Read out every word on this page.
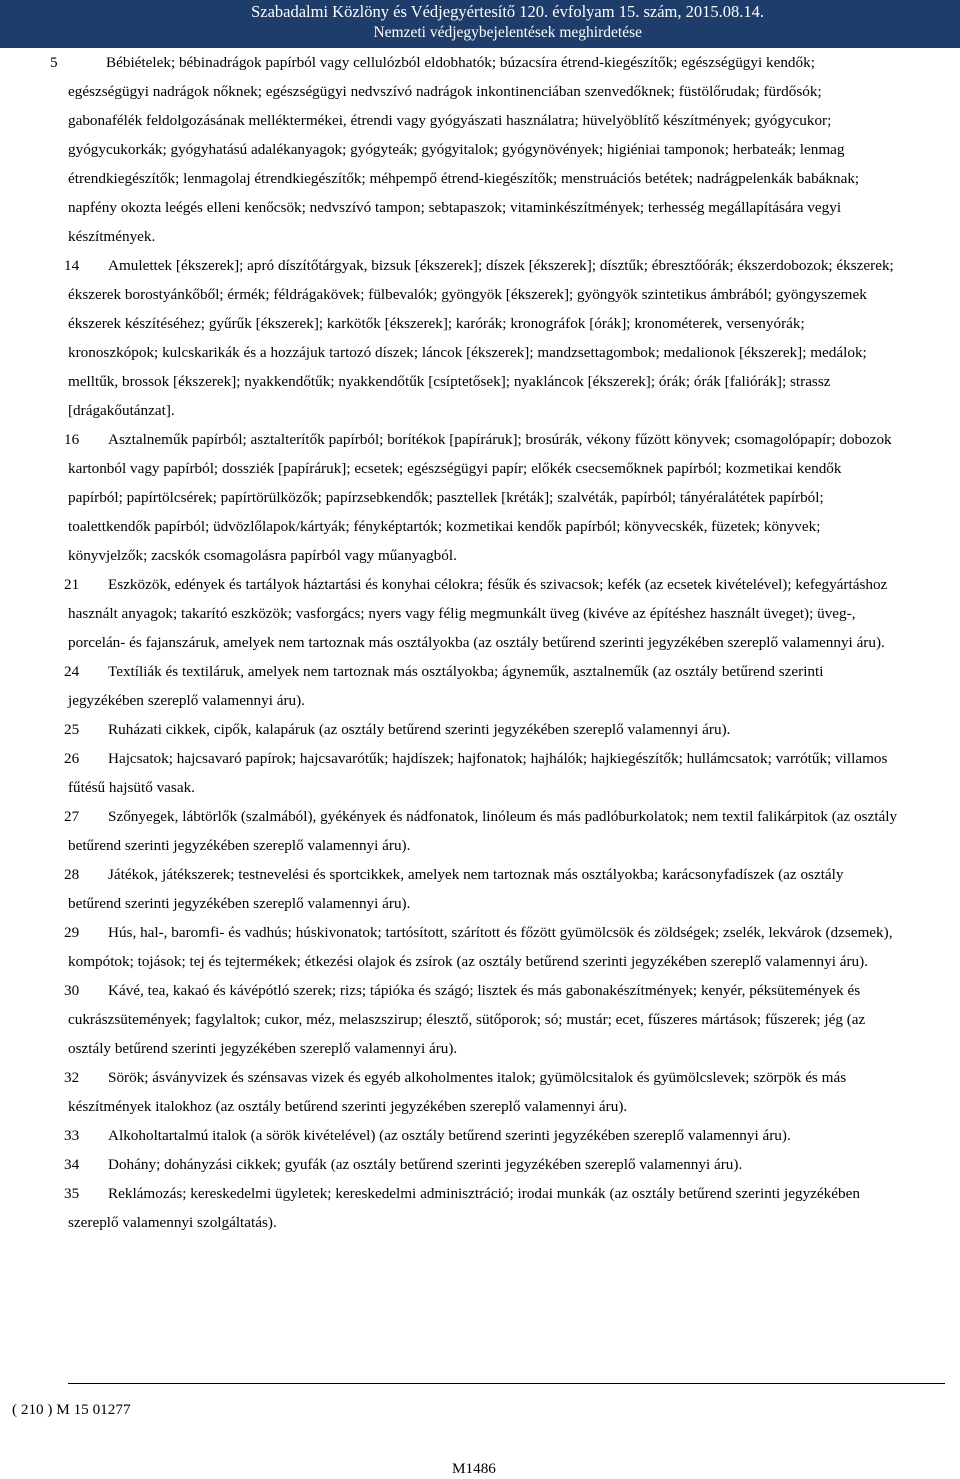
Szabadalmi Közlöny és Védjegyértesítő 120. évfolyam 15. szám, 2015.08.14.
Nemzeti védjegybejelentések meghirdetése

5	Bébiételek; bébinadrágok papírból vagy cellulózból eldobhatók; búzacsíra étrend-kiegészítők; egészségügyi kendők; egészségügyi nadrágok nőknek; egészségügyi nedvszívó nadrágok inkontinenciában szenvedőknek; füstölőrudak; fürdősók; gabonafélék feldolgozásának melléktermékei, étrendi vagy gyógyászati használatra; hüvelyöblítő készítmények; gyógycukor; gyógycukorkák; gyógyhatású adalékanyagok; gyógyteák; gyógyitalok; gyógynövények; higiéniai tamponok; herbateák; lenmag étrendkiegészítők; lenmagolaj étrendkiegészítők; méhpempő étrend-kiegészítők; menstruációs betétek; nadrágpelenkák babáknak; napfény okozta leégés elleni kenőcsök; nedvszívó tampon; sebtapaszok; vitaminkészítmények; terhesség megállapítására vegyi készítmények.

14 Amulettek [ékszerek]; apró díszítőtárgyak, bizsuk [ékszerek]; díszek [ékszerek]; dísztűk; ébresztőórák; ékszerdobozok; ékszerek; ékszerek borostyánkőből; érmék; féldrágakövek; fülbevalók; gyöngyök [ékszerek]; gyöngyök szintetikus ámbrából; gyöngyszemek ékszerek készítéséhez; gyűrűk [ékszerek]; karkötők [ékszerek]; karórák; kronográfok [órák]; kronométerek, versenyórák; kronoszkópok; kulcskarikák és a hozzájuk tartozó díszek; láncok [ékszerek]; mandzsettagombok; medalionok [ékszerek]; medálok; melltűk, brossok [ékszerek]; nyakkendőtűk; nyakkendőtűk [csíptetősek]; nyakláncok [ékszerek]; órák; órák [faliórák]; strassz [drágakőutánzat].

16 Asztalneműk papírból; asztalterítők papírból; borítékok [papíráruk]; brosúrák, vékony fűzött könyvek; csomagolópapír; dobozok kartonból vagy papírból; dossziék [papíráruk]; ecsetek; egészségügyi papír; előkék csecsemőknek papírból; kozmetikai kendők papírból; papírtölcsérek; papírtörülközők; papírzsebkendők; pasztellek [kréták]; szalvéták, papírból; tányéralátétek papírból; toalettkendők papírból; üdvözlőlapok/kártyák; fényképtartók; kozmetikai kendők papírból; könyvecskék, füzetek; könyvek; könyvjelzők; zacskók csomagolásra papírból vagy műanyagból.

21 Eszközök, edények és tartályok háztartási és konyhai célokra; fésűk és szivacsok; kefék (az ecsetek kivételével); kefegyártáshoz használt anyagok; takarító eszközök; vasforgács; nyers vagy félig megmunkált üveg (kivéve az építéshez használt üveget); üveg-, porcelán- és fajanszáruk, amelyek nem tartoznak más osztályokba (az osztály betűrend szerinti jegyzékében szereplő valamennyi áru).

24 Textíliák és textiláruk, amelyek nem tartoznak más osztályokba; ágyneműk, asztalneműk (az osztály betűrend szerinti jegyzékében szereplő valamennyi áru).

25 Ruházati cikkek, cipők, kalapáruk (az osztály betűrend szerinti jegyzékében szereplő valamennyi áru).

26 Hajcsatok; hajcsavaró papírok; hajcsavarótűk; hajdíszek; hajfonatok; hajhálók; hajkiegészítők; hullámcsatok; varrótűk; villamos fűtésű hajsütő vasak.

27 Szőnyegek, lábtörlők (szalmából), gyékények és nádfonatok, linóleum és más padlóburkolatok; nem textil falikárpitok (az osztály betűrend szerinti jegyzékében szereplő valamennyi áru).

28 Játékok, játékszerek; testnevelési és sportcikkek, amelyek nem tartoznak más osztályokba; karácsonyfadíszek (az osztály betűrend szerinti jegyzékében szereplő valamennyi áru).

29 Hús, hal-, baromfi- és vadhús; húskivonatok; tartósított, szárított és főzött gyümölcsök és zöldségek; zselék, lekvárok (dzsemek), kompótok; tojások; tej és tejtermékek; étkezési olajok és zsírok (az osztály betűrend szerinti jegyzékében szereplő valamennyi áru).

30 Kávé, tea, kakaó és kávépótló szerek; rizs; tápióka és szágó; lisztek és más gabonakészítmények; kenyér, péksütemények és cukrászsütemények; fagylaltok; cukor, méz, melaszszirup; élesztő, sütőporok; só; mustár; ecet, fűszeres mártások; fűszerek; jég (az osztály betűrend szerinti jegyzékében szereplő valamennyi áru).

32 Sörök; ásványvizek és szénsavas vizek és egyéb alkoholmentes italok; gyümölcsitalok és gyümölcslevek; szörpök és más készítmények italokhoz (az osztály betűrend szerinti jegyzékében szereplő valamennyi áru).

33 Alkoholtartalmú italok (a sörök kivételével) (az osztály betűrend szerinti jegyzékében szereplő valamennyi áru).

34 Dohány; dohányzási cikkek; gyufák (az osztály betűrend szerinti jegyzékében szereplő valamennyi áru).

35 Reklámozás; kereskedelmi ügyletek; kereskedelmi adminisztráció; irodai munkák (az osztály betűrend szerinti jegyzékében szereplő valamennyi szolgáltatás).

( 210 ) M 15 01277
M1486
